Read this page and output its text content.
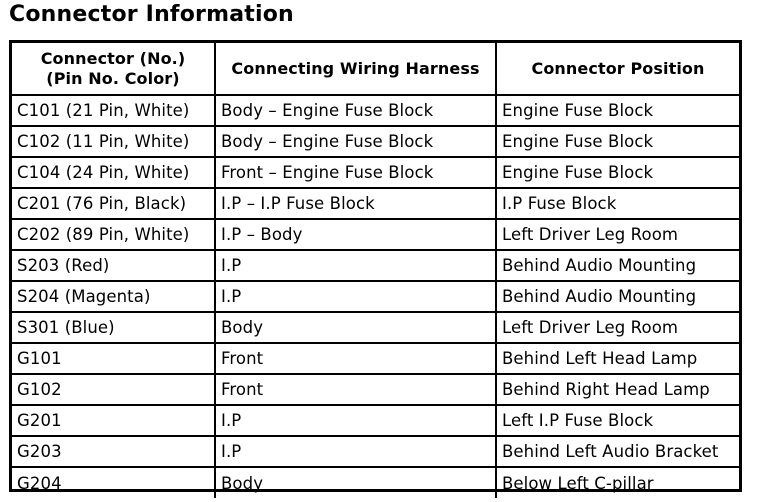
Connector Information
Connector (No.)
(Pin No. Color)	Connecting Wiring Harness	Connector Position
C101 (21 Pin, White)	Body – Engine Fuse Block	Engine Fuse Block
C102 (11 Pin, White)	Body – Engine Fuse Block	Engine Fuse Block
C104 (24 Pin, White)	Front – Engine Fuse Block	Engine Fuse Block
C201 (76 Pin, Black)	I.P – I.P Fuse Block	I.P Fuse Block
C202 (89 Pin, White)	I.P – Body	Left Driver Leg Room
S203 (Red)	I.P	Behind Audio Mounting
S204 (Magenta)	I.P	Behind Audio Mounting
S301 (Blue)	Body	Left Driver Leg Room
G101	Front	Behind Left Head Lamp
G102	Front	Behind Right Head Lamp
G201	I.P	Left I.P Fuse Block
G203	I.P	Behind Left Audio Bracket
G204	Body	Below Left C-pillar
